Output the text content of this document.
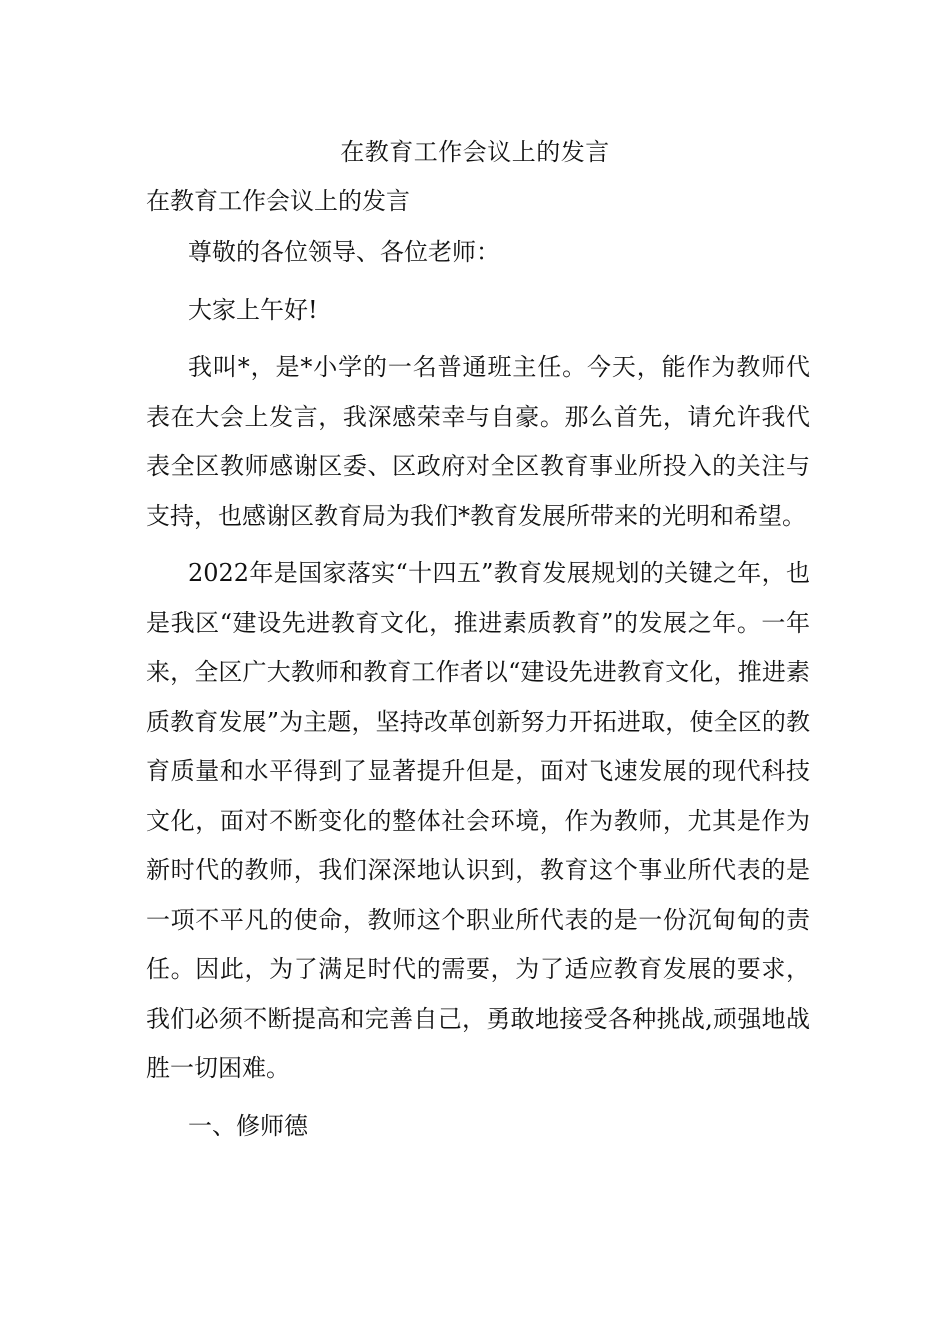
在教育工作会议上的发言
在教育工作会议上的发言

尊敬的各位领导、各位老师：

大家上午好!

我叫*，是*小学的一名普通班主任。今天，能作为教师代表在大会上发言，我深感荣幸与自豪。那么首先，请允许我代表全区教师感谢区委、区政府对全区教育事业所投入的关注与支持，也感谢区教育局为我们*教育发展所带来的光明和希望。

2022年是国家落实“十四五”教育发展规划的关键之年，也是我区“建设先进教育文化，推进素质教育”的发展之年。一年来，全区广大教师和教育工作者以“建设先进教育文化，推进素质教育发展”为主题，坚持改革创新努力开拓进取，使全区的教育质量和水平得到了显著提升但是，面对飞速发展的现代科技文化，面对不断变化的整体社会环境，作为教师，尤其是作为新时代的教师，我们深深地认识到，教育这个事业所代表的是一项不平凡的使命，教师这个职业所代表的是一份沉甸甸的责任。因此，为了满足时代的需要，为了适应教育发展的要求，我们必须不断提高和完善自己，勇敢地接受各种挑战,顽强地战胜一切困难。

一、修师德
